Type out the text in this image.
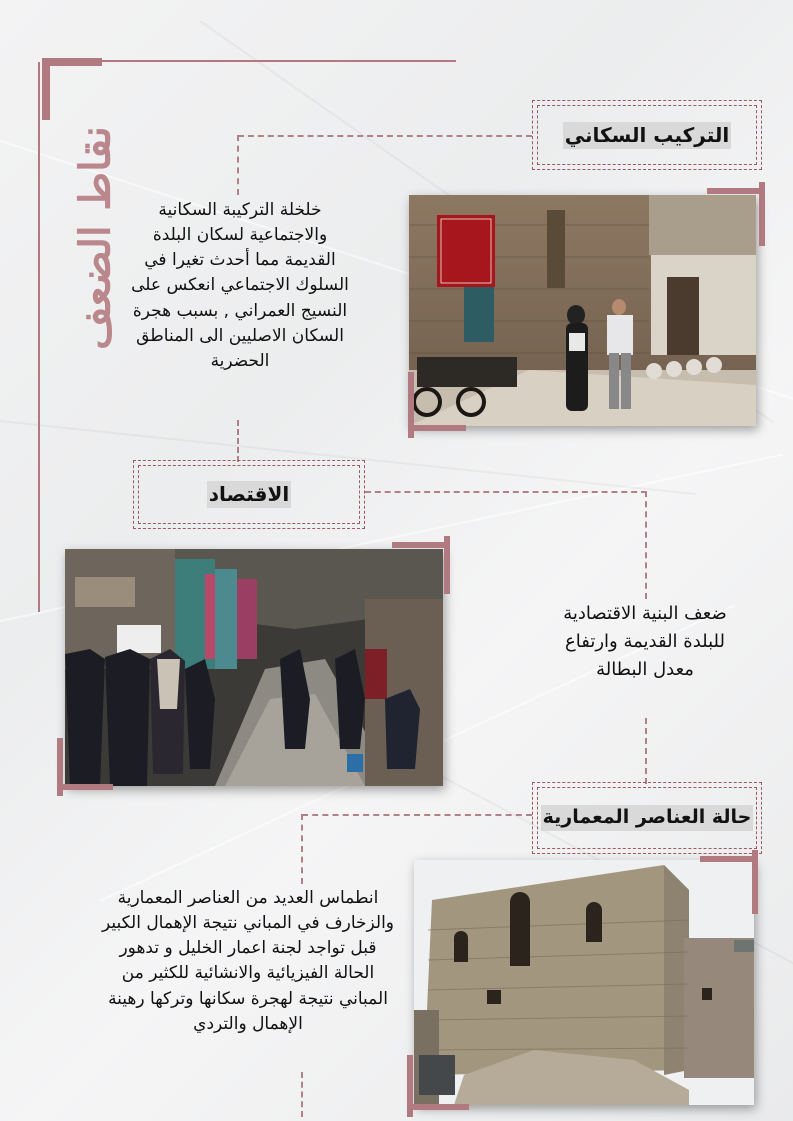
نقاط الضعف	التركيب السكاني
خلخلة التركيبة السكانية والاجتماعية لسكان البلدة القديمة مما أحدث تغيرا في السلوك الاجتماعي انعكس على النسيج العمراني , بسبب هجرة السكان الاصليين الى المناطق الحضرية
الاقتصاد
ضعف البنية الاقتصادية للبلدة القديمة وارتفاع معدل البطالة
حالة العناصر المعمارية
انطماس العديد من العناصر المعمارية والزخارف في المباني نتيجة الإهمال الكبير قبل تواجد لجنة اعمار الخليل و تدهور الحالة الفيزيائية والانشائية للكثير من المباني نتيجة لهجرة سكانها وتركها رهينة الإهمال والتردي
